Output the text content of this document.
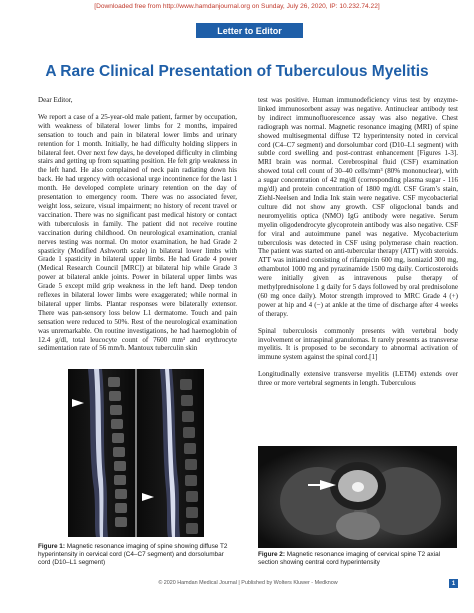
[Downloaded free from http://www.hamdanjournal.org on Sunday, July 26, 2020, IP: 10.232.74.22]
Letter to Editor
A Rare Clinical Presentation of Tuberculous Myelitis

Dear Editor,

We report a case of a 25-year-old male patient, farmer by occupation, with weakness of bilateral lower limbs for 2 months, impaired sensation to touch and pain in bilateral lower limbs and urinary retention for 1 month. Initially, he had difficulty holding slippers in bilateral feet. Over next few days, he developed difficulty in climbing stairs and getting up from squatting position. He felt grip weakness in the left hand. He also complained of neck pain radiating down his back. He had urgency with occasional urge incontinence for the last 1 month. He developed complete urinary retention on the day of presentation to emergency room. There was no associated fever, weight loss, seizure, visual impairment; no history of recent travel or vaccination. There was no significant past medical history or contact with tuberculosis in family. The patient did not receive routine vaccination during childhood. On neurological examination, cranial nerves testing was normal. On motor examination, he had Grade 2 spasticity (Modified Ashworth scale) in bilateral lower limbs with Grade 1 spasticity in bilateral upper limbs. He had Grade 4 power (Medical Research Council [MRC]) at bilateral hip while Grade 3 power at bilateral ankle joints. Power in bilateral upper limbs was Grade 5 except mild grip weakness in the left hand. Deep tendon reflexes in bilateral lower limbs were exaggerated; while normal in bilateral upper limbs. Plantar responses were bilaterally extensor. There was pan-sensory loss below L1 dermatome. Touch and pain sensation were reduced to 50%. Rest of the neurological examination was unremarkable. On routine investigations, he had haemoglobin of 12.4 g/dl, total leucocyte count of 7600 mm³ and erythrocyte sedimentation rate of 56 mm/h. Mantoux tuberculin skin

test was positive. Human immunodeficiency virus test by enzyme-linked immunosorbent assay was negative. Antinuclear antibody test by indirect immunofluorescence assay was also negative. Chest radiograph was normal. Magnetic resonance imaging (MRI) of spine showed multisegmental diffuse T2 hyperintensity noted in cervical cord (C4–C7 segment) and dorsolumbar cord (D10–L1 segment) with subtle cord swelling and post-contrast enhancement [Figures 1-3]. MRI brain was normal. Cerebrospinal fluid (CSF) examination showed total cell count of 30–40 cells/mm³ (80% mononuclear), with a sugar concentration of 42 mg/dl (corresponding plasma sugar - 116 mg/dl) and protein concentration of 1800 mg/dl. CSF Gram’s stain, Ziehl-Neelsen and India Ink stain were negative. CSF mycobacterial culture did not show any growth. CSF oligoclonal bands and neuromyelitis optica (NMO) IgG antibody were negative. Serum myelin oligodendrocyte glycoprotein antibody was also negative. CSF for viral and autoimmune panel was negative. Mycobacterium tuberculosis was detected in CSF using polymerase chain reaction. The patient was started on anti-tubercular therapy (ATT) with steroids. ATT was initiated consisting of rifampicin 600 mg, isoniazid 300 mg, ethambutol 1000 mg and pyrazinamide 1500 mg daily. Corticosteroids were initially given as intravenous pulse therapy of methylprednisolone 1 g daily for 5 days followed by oral prednisolone (60 mg once daily). Motor strength improved to MRC Grade 4 (+) power at hip and 4 (−) at ankle at the time of discharge after 4 weeks of therapy.

Spinal tuberculosis commonly presents with vertebral body involvement or intraspinal granulomas. It rarely presents as transverse myelitis. It is proposed to be secondary to abnormal activation of immune system against the spinal cord.[1]

Longitudinally extensive transverse myelitis (LETM) extends over three or more vertebral segments in length. Tuberculous

Figure 1: Magnetic resonance imaging of spine showing diffuse T2 hyperintensity in cervical cord (C4–C7 segment) and dorsolumbar cord (D10–L1 segment)

Figure 2: Magnetic resonance imaging of cervical spine T2 axial section showing central cord hyperintensity

© 2020 Hamdan Medical Journal | Published by Wolters Kluwer - Medknow	1
